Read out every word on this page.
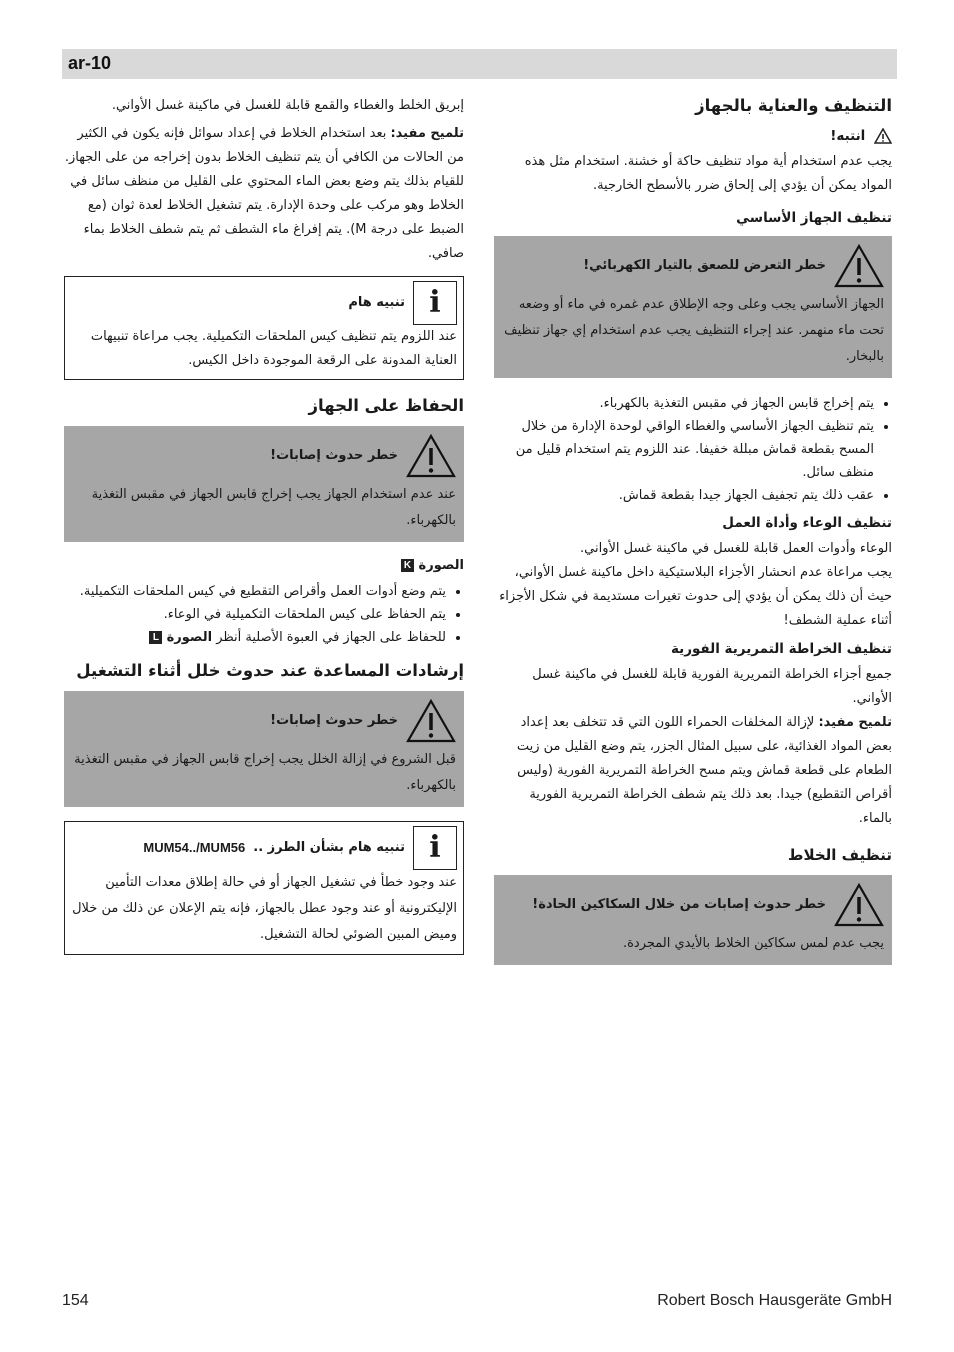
ar-10
التنظيف والعناية بالجهاز
انتبه!

يجب عدم استخدام أية مواد تنظيف حاكة أو خشنة. استخدام مثل هذه المواد يمكن أن يؤدي إلى إلحاق ضرر بالأسطح الخارجية.

تنظيف الجهاز الأساسي
خطر التعرض للصعق بالتيار الكهربائي!
الجهاز الأساسي يجب وعلى وجه الإطلاق عدم غمره في ماء أو وضعه تحت ماء منهمر. عند إجراء التنظيف يجب عدم استخدام إي جهاز تنظيف بالبخار.
• يتم إخراج قابس الجهاز في مقبس التغذية بالكهرباء.
• يتم تنظيف الجهاز الأساسي والغطاء الواقي لوحدة الإدارة من خلال المسح بقطعة قماش مبللة خفيفا. عند اللزوم يتم استخدام قليل من منظف سائل.
• عقب ذلك يتم تجفيف الجهاز جيدا بقطعة قماش.
تنظيف الوعاء وأداة العمل

الوعاء وأدوات العمل قابلة للغسل في ماكينة غسل الأواني.

يجب مراعاة عدم انحشار الأجزاء البلاستيكية داخل ماكينة غسل الأواني، حيث أن ذلك يمكن أن يؤدي إلى حدوث تغيرات مستديمة في شكل الأجزاء أثناء عملية الشطف!

تنظيف الخراطة التمريرية الفورية

جميع أجزاء الخراطة التمريرية الفورية قابلة للغسل في ماكينة غسل الأواني.

تلميح مفيد: لإزالة المخلفات الحمراء اللون التي قد تتخلف بعد إعداد بعض المواد الغذائية، على سبيل المثال الجزر، يتم وضع القليل من زيت الطعام على قطعة قماش ويتم مسح الخراطة التمريرية الفورية (وليس أقراص التقطيع) جيدا. بعد ذلك يتم شطف الخراطة التمريرية الفورية بالماء.

تنظيف الخلاط
خطر حدوث إصابات من خلال السكاكين الحادة!
يجب عدم لمس سكاكين الخلاط بالأيدي المجردة.

إبريق الخلط والغطاء والقمع قابلة للغسل في ماكينة غسل الأواني.

تلميح مفيد: بعد استخدام الخلاط في إعداد سوائل فإنه يكون في الكثير من الحالات من الكافي أن يتم تنظيف الخلاط بدون إخراجه من على الجهاز.

للقيام بذلك يتم وضع بعض الماء المحتوي على القليل من منظف سائل في الخلاط وهو مركب على وحدة الإدارة. يتم تشغيل الخلاط لعدة ثوان (مع الضبط على درجة M). يتم إفراغ ماء الشطف ثم يتم شطف الخلاط بماء صافي.

i
تنبيه هام

عند اللزوم يتم تنظيف كيس الملحقات التكميلية. يجب مراعاة تنبيهات العناية المدونة على الرقعة الموجودة داخل الكيس.

الحفاظ على الجهاز
خطر حدوث إصابات!
عند عدم استخدام الجهاز يجب إخراج قابس الجهاز في مقبس التغذية بالكهرباء.
الصورة K
• يتم وضع أدوات العمل وأقراص التقطيع في كيس الملحقات التكميلية.
• يتم الحفاظ على كيس الملحقات التكميلية في الوعاء.
• للحفاظ على الجهاز في العبوة الأصلية أنظر الصورة L
إرشادات المساعدة عند حدوث خلل أثناء التشغيل
خطر حدوث إصابات!
قبل الشروع في إزالة الخلل يجب إخراج قابس الجهاز في مقبس التغذية بالكهرباء.
i
تنبيه هام بشأن الطرز ..
MUM54../MUM56

عند وجود خطأ في تشغيل الجهاز أو في حالة إطلاق معدات التأمين الإليكترونية أو عند وجود عطل بالجهاز، فإنه يتم الإعلان عن ذلك من خلال وميض المبين الضوئي لحالة التشغيل.

154	Robert Bosch Hausgeräte GmbH
